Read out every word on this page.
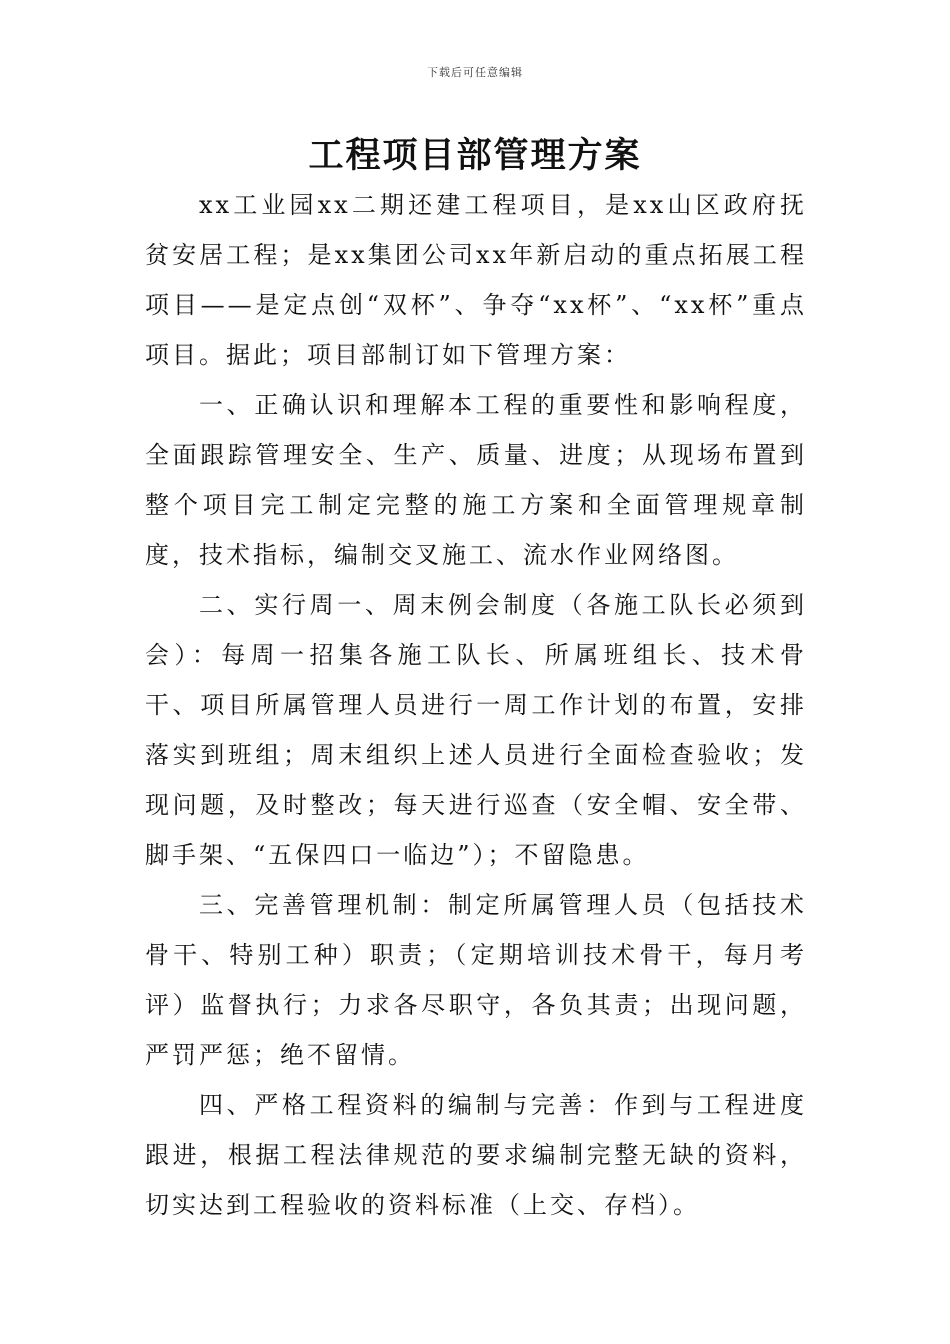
下载后可任意编辑
工程项目部管理方案

xx工业园xx二期还建工程项目，是xx山区政府抚贫安居工程；是xx集团公司xx年新启动的重点拓展工程项目——是定点创“双杯”、争夺“xx杯”、“xx杯”重点项目。据此；项目部制订如下管理方案：

一、正确认识和理解本工程的重要性和影响程度，全面跟踪管理安全、生产、质量、进度；从现场布置到整个项目完工制定完整的施工方案和全面管理规章制度，技术指标，编制交叉施工、流水作业网络图。

二、实行周一、周末例会制度（各施工队长必须到会）：每周一招集各施工队长、所属班组长、技术骨干、项目所属管理人员进行一周工作计划的布置，安排落实到班组；周末组织上述人员进行全面检查验收；发现问题，及时整改；每天进行巡查（安全帽、安全带、脚手架、“五保四口一临边”）；不留隐患。

三、完善管理机制：制定所属管理人员（包括技术骨干、特别工种）职责；（定期培训技术骨干，每月考评）监督执行；力求各尽职守，各负其责；出现问题，严罚严惩；绝不留情。

四、严格工程资料的编制与完善：作到与工程进度跟进，根据工程法律规范的要求编制完整无缺的资料，切实达到工程验收的资料标准（上交、存档）。
